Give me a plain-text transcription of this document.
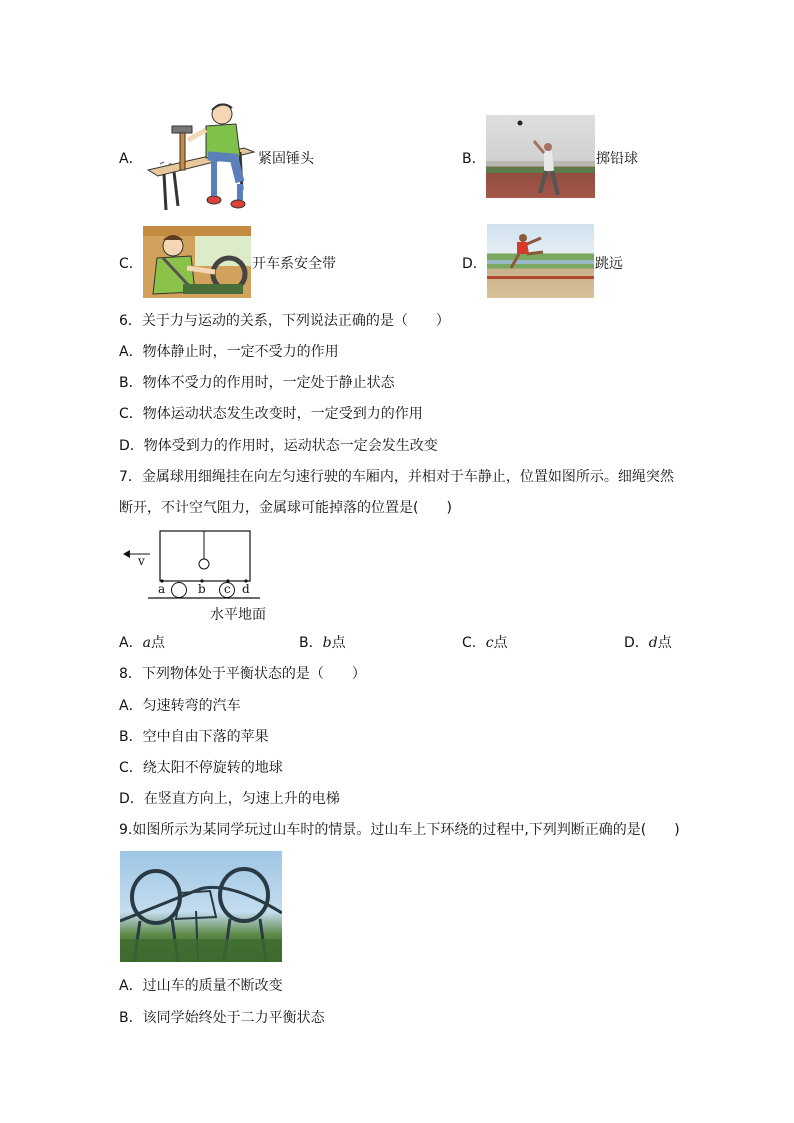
A．	紧固锤头	B．	掷铅球
C．	开车系安全带	D．	跳远
6．关于力与运动的关系，下列说法正确的是（　　）
A．物体静止时，一定不受力的作用
B．物体不受力的作用时，一定处于静止状态
C．物体运动状态发生改变时，一定受到力的作用
D．物体受到力的作用时，运动状态一定会发生改变
7．金属球用细绳挂在向左匀速行驶的车厢内，并相对于车静止，位置如图所示。细绳突然
断开，不计空气阻力，金属球可能掉落的位置是(　　)
v
a	b c d
水平地面
A．a点	B．b点	C．c点	D．d点
8．下列物体处于平衡状态的是（　　）
A．匀速转弯的汽车
B．空中自由下落的苹果
C．绕太阳不停旋转的地球
D．在竖直方向上，匀速上升的电梯
9.如图所示为某同学玩过山车时的情景。过山车上下环绕的过程中,下列判断正确的是(　　)
A．过山车的质量不断改变
B．该同学始终处于二力平衡状态
